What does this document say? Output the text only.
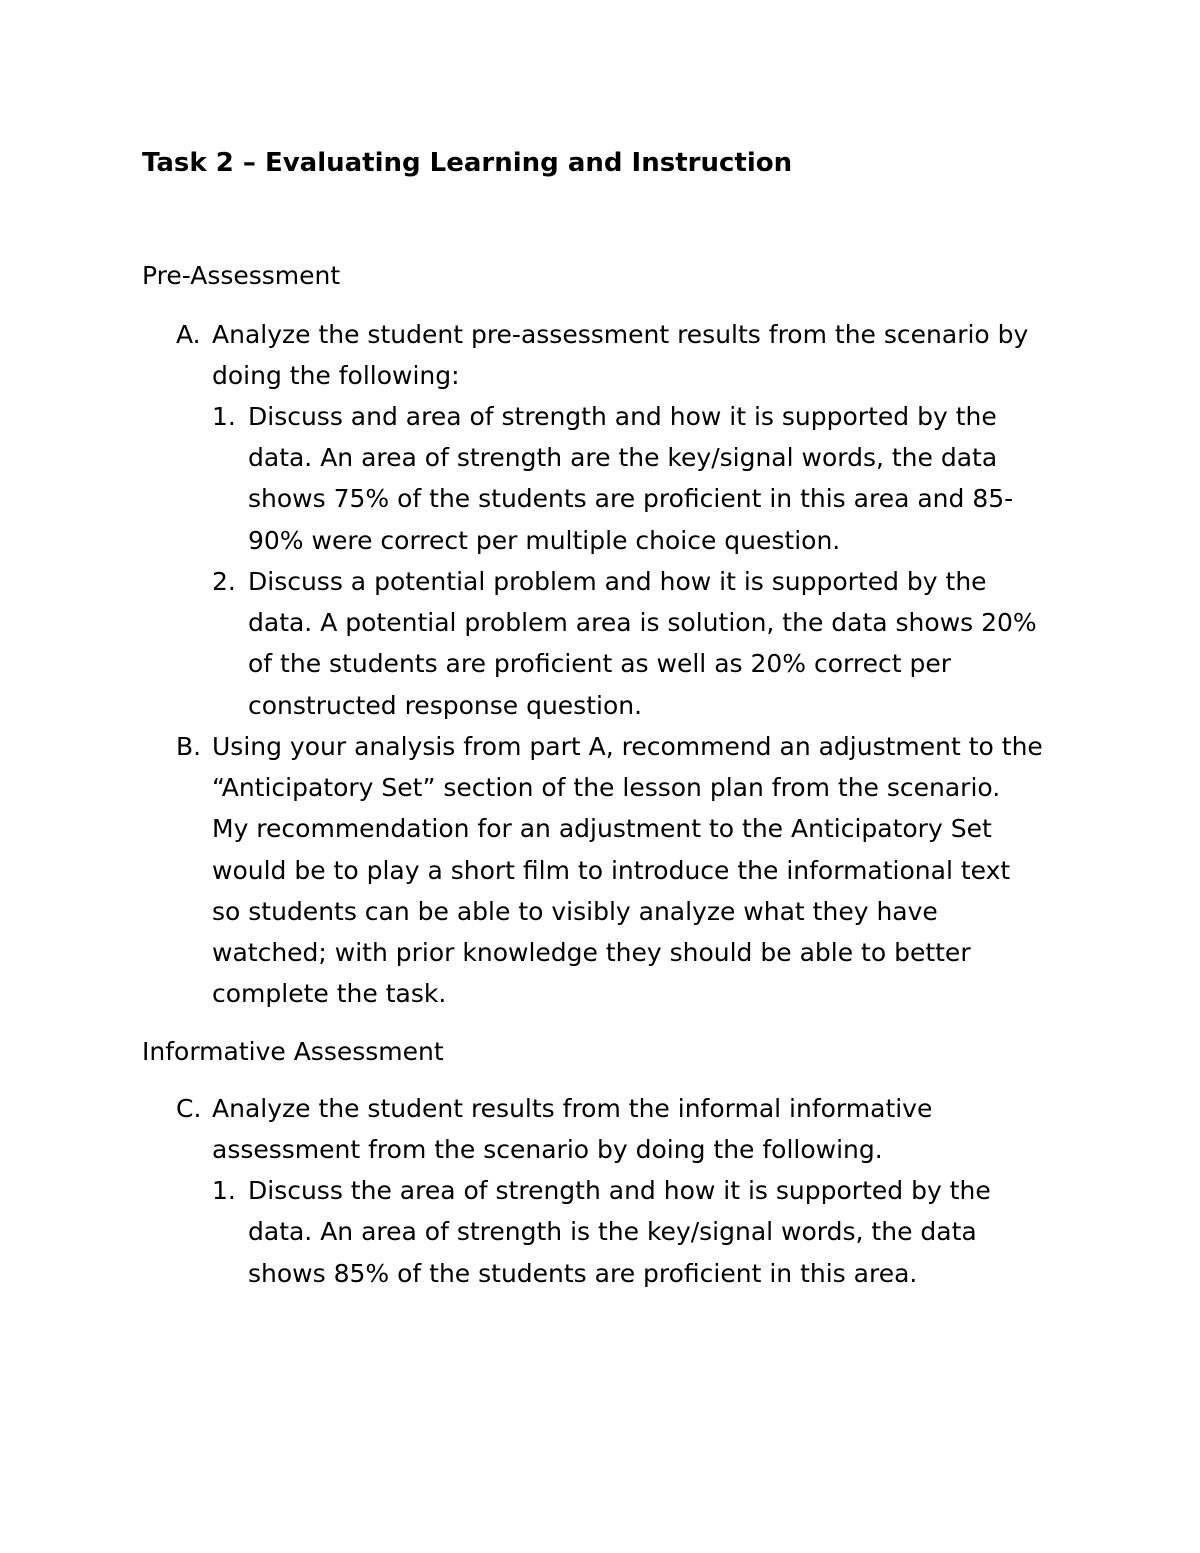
Task 2 – Evaluating Learning and Instruction
Pre-Assessment
A. Analyze the student pre-assessment results from the scenario by
doing the following:
1. Discuss and area of strength and how it is supported by the
data. An area of strength are the key/signal words, the data
shows 75% of the students are proficient in this area and 85-
90% were correct per multiple choice question.
2. Discuss a potential problem and how it is supported by the
data. A potential problem area is solution, the data shows 20%
of the students are proficient as well as 20% correct per
constructed response question.
B. Using your analysis from part A, recommend an adjustment to the
“Anticipatory Set” section of the lesson plan from the scenario.
My recommendation for an adjustment to the Anticipatory Set
would be to play a short film to introduce the informational text
so students can be able to visibly analyze what they have
watched; with prior knowledge they should be able to better
complete the task.
Informative Assessment
C. Analyze the student results from the informal informative
assessment from the scenario by doing the following.
1. Discuss the area of strength and how it is supported by the
data. An area of strength is the key/signal words, the data
shows 85% of the students are proficient in this area.
